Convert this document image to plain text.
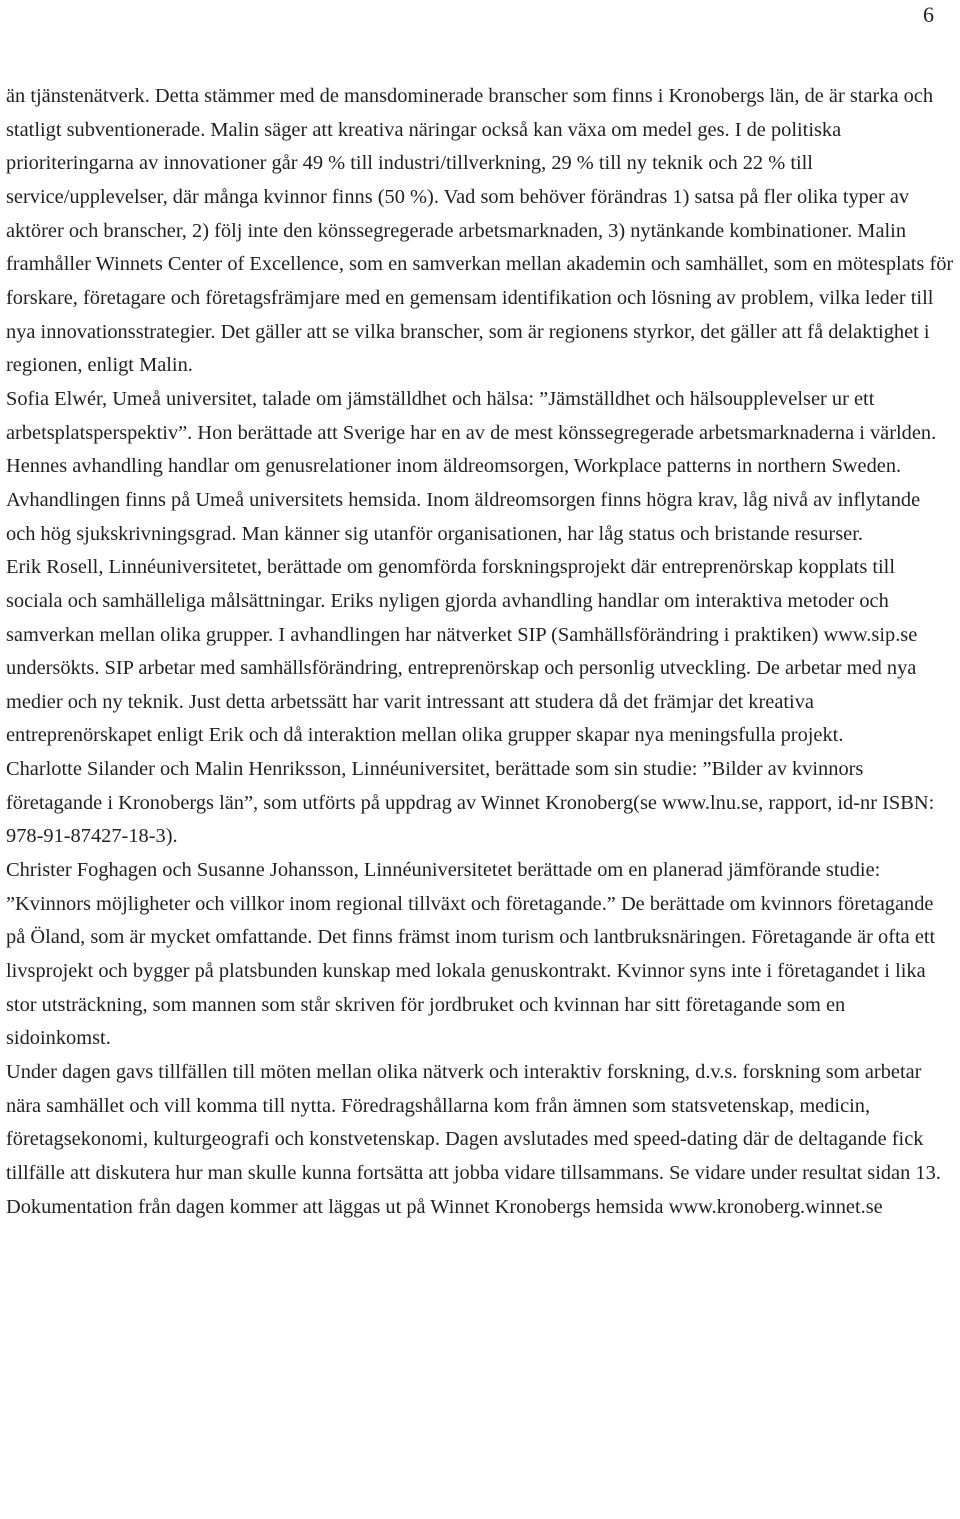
6

än tjänstenätverk. Detta stämmer med de mansdominerade branscher som finns i Kronobergs län, de är starka och statligt subventionerade. Malin säger att kreativa näringar också kan växa om medel ges. I de politiska prioriteringarna av innovationer går 49 % till industri/tillverkning, 29 % till ny teknik och 22 % till service/upplevelser, där många kvinnor finns (50 %). Vad som behöver förändras 1) satsa på fler olika typer av aktörer och branscher, 2) följ inte den könssegregerade arbetsmarknaden, 3) nytänkande kombinationer. Malin framhåller Winnets Center of Excellence, som en samverkan mellan akademin och samhället, som en mötesplats för forskare, företagare och företagsfrämjare med en gemensam identifikation och lösning av problem, vilka leder till nya innovationsstrategier. Det gäller att se vilka branscher, som är regionens styrkor, det gäller att få delaktighet i regionen, enligt Malin.

Sofia Elwér, Umeå universitet, talade om jämställdhet och hälsa: ”Jämställdhet och hälsoupplevelser ur ett arbetsplatsperspektiv”. Hon berättade att Sverige har en av de mest könssegregerade arbetsmarknaderna i världen. Hennes avhandling handlar om genusrelationer inom äldreomsorgen, Workplace patterns in northern Sweden. Avhandlingen finns på Umeå universitets hemsida. Inom äldreomsorgen finns högra krav, låg nivå av inflytande och hög sjukskrivningsgrad. Man känner sig utanför organisationen, har låg status och bristande resurser.

Erik Rosell, Linnéuniversitetet, berättade om genomförda forskningsprojekt där entreprenörskap kopplats till sociala och samhälleliga målsättningar. Eriks nyligen gjorda avhandling handlar om interaktiva metoder och samverkan mellan olika grupper. I avhandlingen har nätverket SIP (Samhällsförändring i praktiken) www.sip.se undersökts. SIP arbetar med samhällsförändring, entreprenörskap och personlig utveckling. De arbetar med nya medier och ny teknik. Just detta arbetssätt har varit intressant att studera då det främjar det kreativa entreprenörskapet enligt Erik och då interaktion mellan olika grupper skapar nya meningsfulla projekt.

Charlotte Silander och Malin Henriksson, Linnéuniversitet, berättade som sin studie: ”Bilder av kvinnors företagande i Kronobergs län”, som utförts på uppdrag av Winnet Kronoberg(se www.lnu.se, rapport, id-nr ISBN: 978-91-87427-18-3).

Christer Foghagen och Susanne Johansson, Linnéuniversitetet berättade om en planerad jämförande studie: ”Kvinnors möjligheter och villkor inom regional tillväxt och företagande.” De berättade om kvinnors företagande på Öland, som är mycket omfattande. Det finns främst inom turism och lantbruksnäringen. Företagande är ofta ett livsprojekt och bygger på platsbunden kunskap med lokala genuskontrakt. Kvinnor syns inte i företagandet i lika stor utsträckning, som mannen som står skriven för jordbruket och kvinnan har sitt företagande som en sidoinkomst.

Under dagen gavs tillfällen till möten mellan olika nätverk och interaktiv forskning, d.v.s. forskning som arbetar nära samhället och vill komma till nytta. Föredragshållarna kom från ämnen som statsvetenskap, medicin, företagsekonomi, kulturgeografi och konstvetenskap. Dagen avslutades med speed-dating där de deltagande fick tillfälle att diskutera hur man skulle kunna fortsätta att jobba vidare tillsammans. Se vidare under resultat sidan 13.

Dokumentation från dagen kommer att läggas ut på Winnet Kronobergs hemsida www.kronoberg.winnet.se
